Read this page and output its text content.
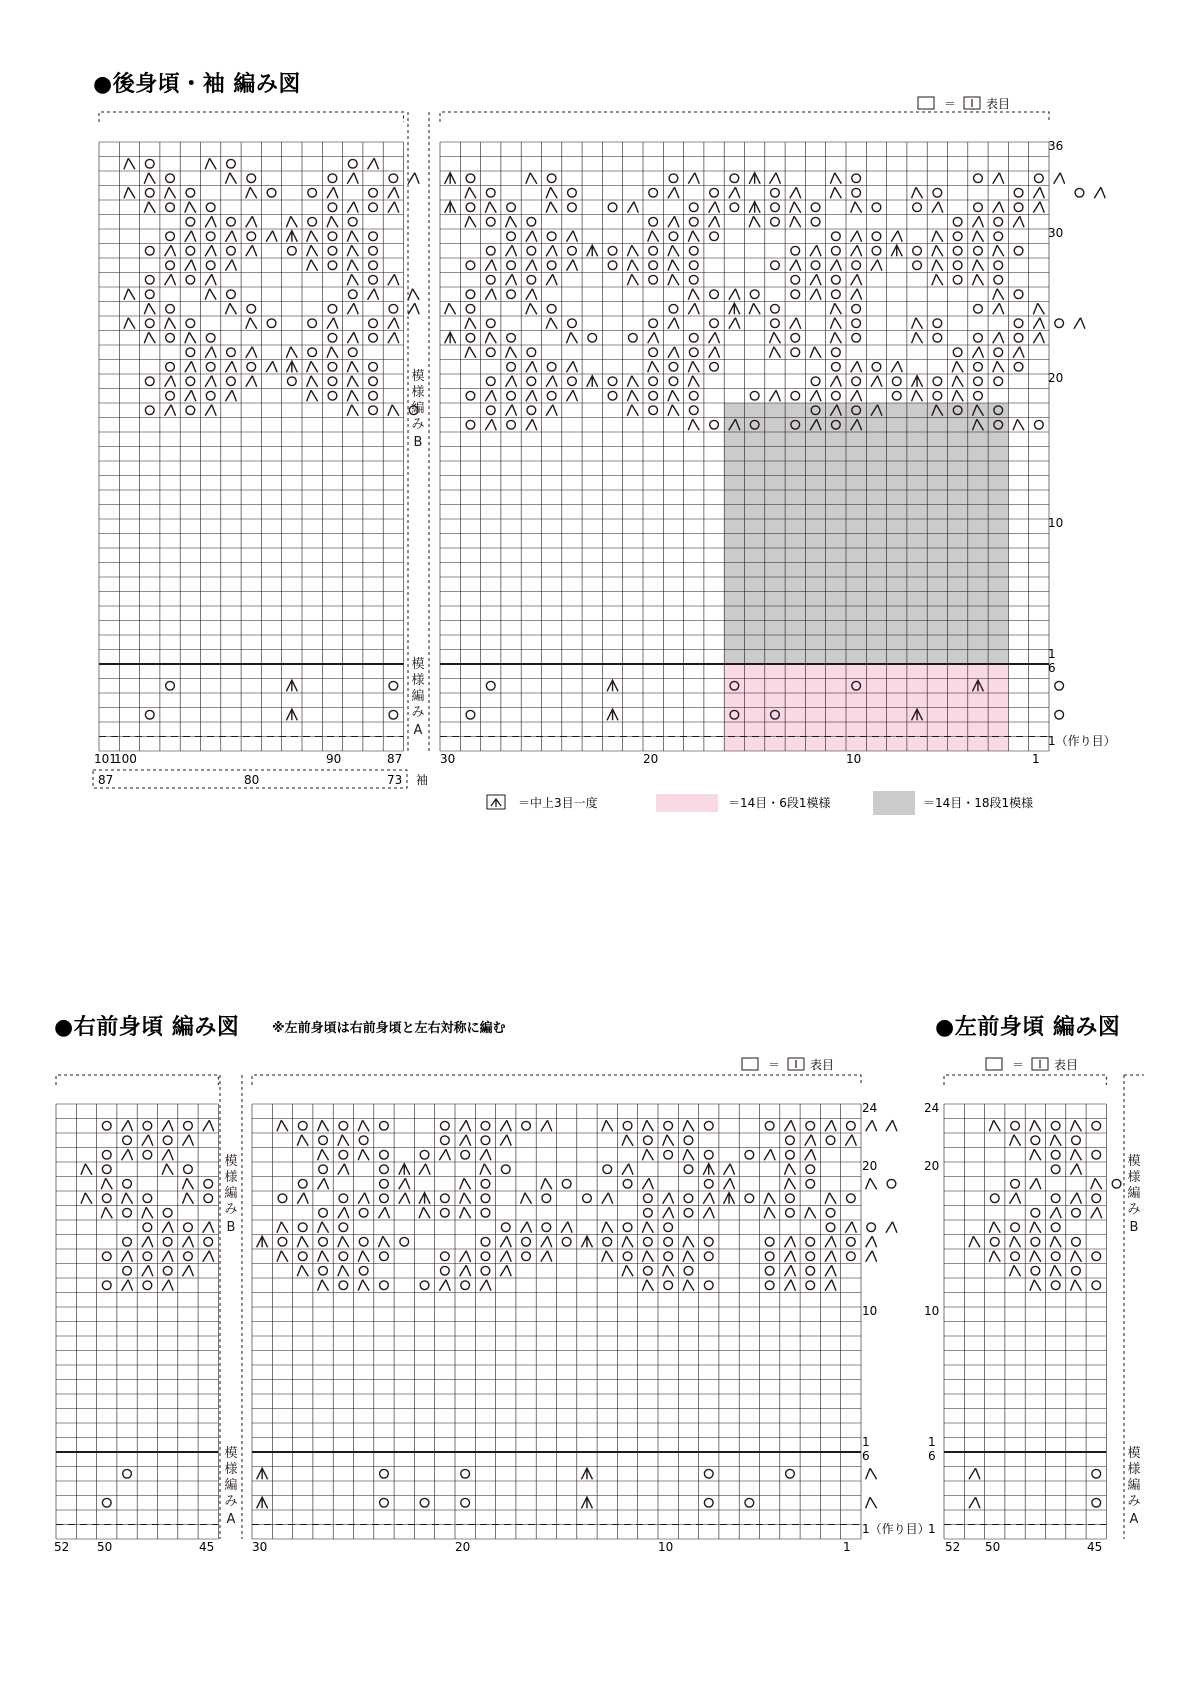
●後身頃・袖 編み図
＝ 表目
36
30
20
10
1
6
1（作り目）
101
100	90	87	30	20	10	1
87	80	73 袖
＝中上3目一度	＝14目・6段1模様	＝14目・18段1模様
●右前身頃 編み図	※左前身頃は右前身頃と左右対称に編む
＝ 表目
24
20
10
1
6
1（作り目）
52 50	45	30	20	10	1
●左前身頃 編み図
＝ 表目
24
20
10
1
6
1
52 50	45
模
様
編
み
B
模
様
編
み
A
模
様
編
み
B
模
様
編
み
A
模
様
編
み
B
模
様
編
み
A
